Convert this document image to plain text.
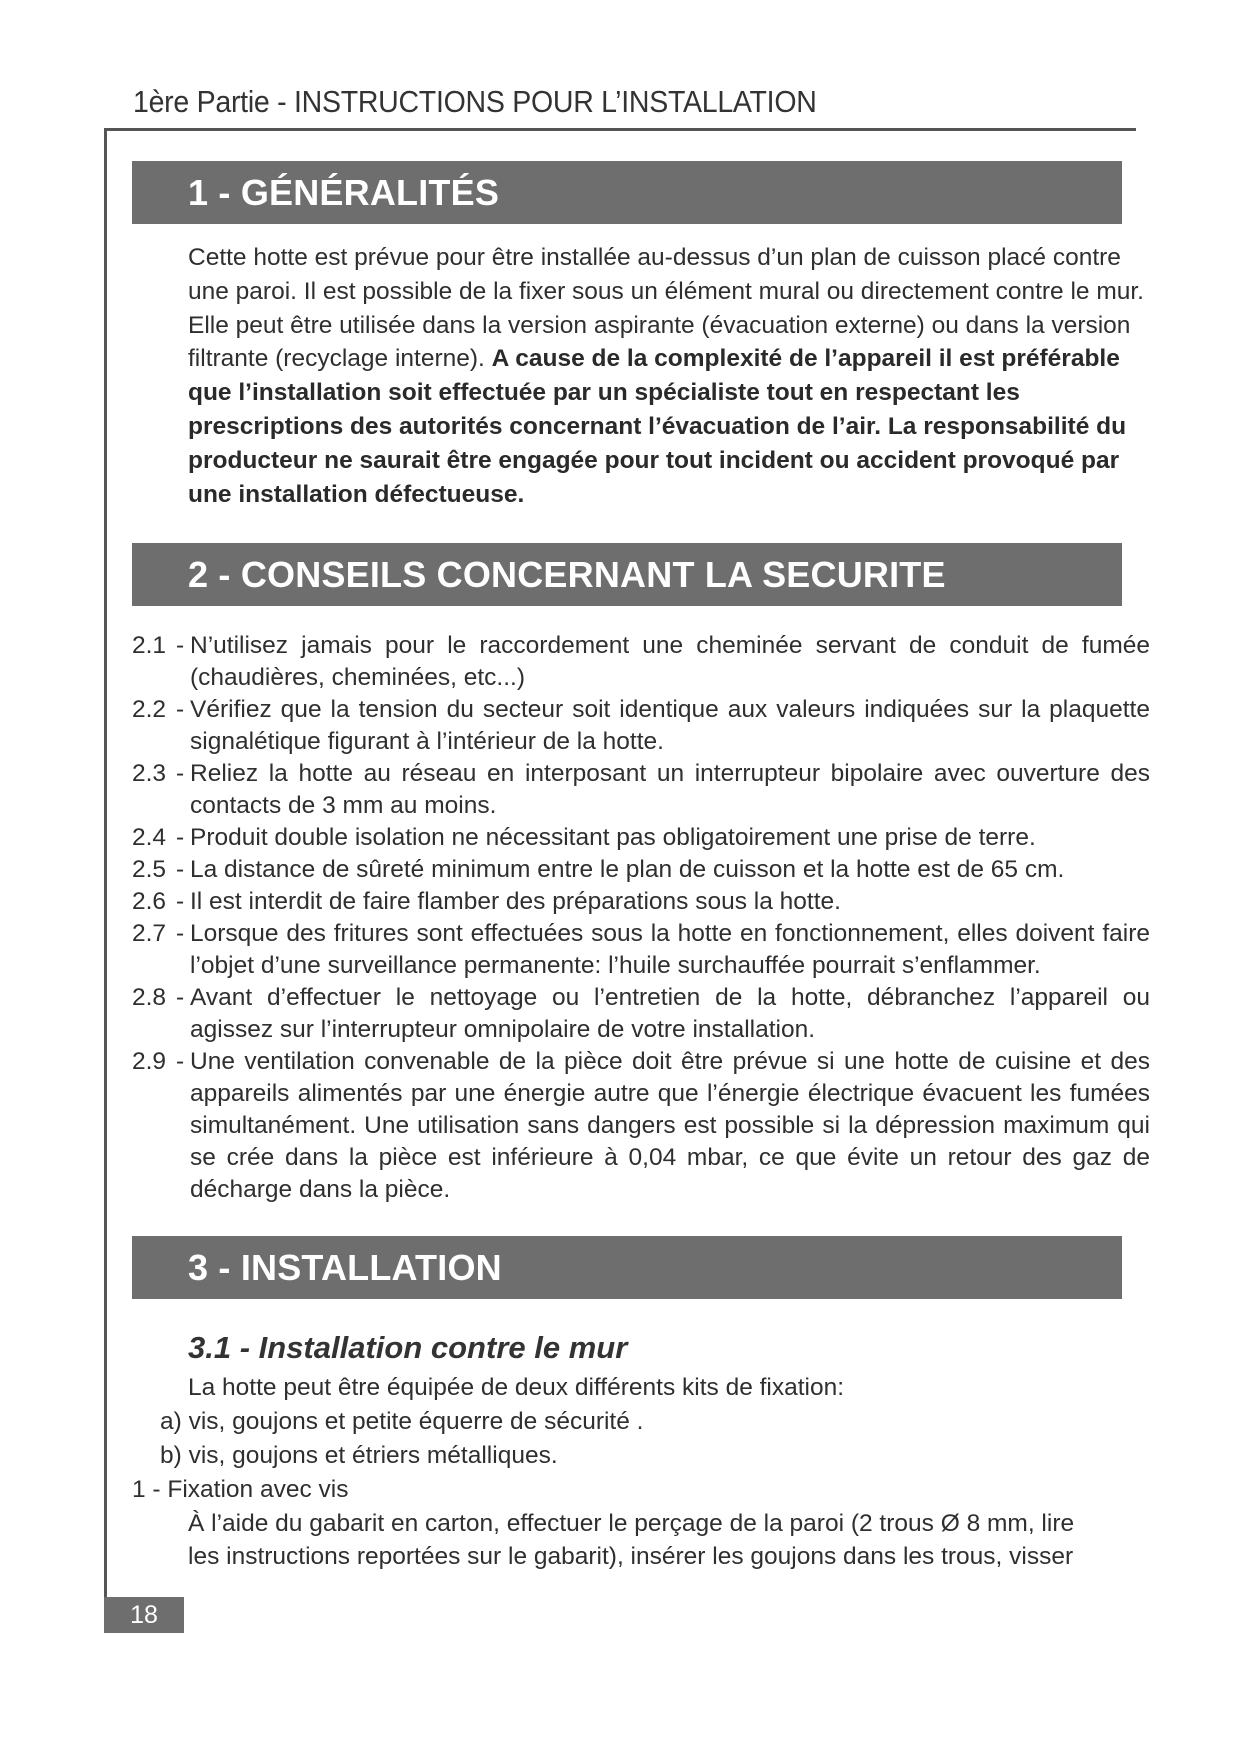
1ère Partie - INSTRUCTIONS POUR L’INSTALLATION
1 - GÉNÉRALITÉS
Cette hotte est prévue pour être installée au-dessus d’un plan de cuisson placé contre une paroi. Il est possible de la fixer sous un élément mural ou directement contre le mur. Elle peut être utilisée dans la version aspirante (évacuation externe) ou dans la version filtrante (recyclage interne). A cause de la complexité de l’appareil il est préférable que l’installation soit effectuée par un spécialiste tout en respectant les prescriptions des autorités concernant l’évacuation de l’air. La responsabilité du producteur ne saurait être engagée pour tout incident ou accident provoqué par une installation défectueuse.
2 - CONSEILS CONCERNANT LA SECURITE
2.1 - N’utilisez jamais pour le raccordement une cheminée servant de conduit de fumée (chaudières, cheminées, etc...)
2.2 - Vérifiez que la tension du secteur soit identique aux valeurs indiquées sur la plaquette signalétique figurant à l’intérieur de la hotte.
2.3 - Reliez la hotte au réseau en interposant un interrupteur bipolaire avec ouverture des contacts de 3 mm au moins.
2.4 - Produit double isolation ne nécessitant pas obligatoirement une prise de terre.
2.5 - La distance de sûreté minimum entre le plan de cuisson et la hotte est de 65 cm.
2.6 - Il est interdit de faire flamber des préparations sous la hotte.
2.7 - Lorsque des fritures sont effectuées sous la hotte en fonctionnement, elles doivent faire l’objet d’une surveillance permanente: l’huile surchauffée pourrait s’enflammer.
2.8 - Avant d’effectuer le nettoyage ou l’entretien de la hotte, débranchez l’appareil ou agissez sur l’interrupteur omnipolaire de votre installation.
2.9 - Une ventilation convenable de la pièce doit être prévue si une hotte de cuisine et des appareils alimentés par une énergie autre que l’énergie électrique évacuent les fumées simultanément. Une utilisation sans dangers est possible si la dépression maximum qui se crée dans la pièce est inférieure à 0,04 mbar, ce que évite un retour des gaz de décharge dans la pièce.
3 - INSTALLATION
3.1 - Installation contre le mur
La hotte peut être équipée de deux différents kits de fixation:
a) vis, goujons et petite équerre de sécurité .
b) vis, goujons et étriers métalliques.
1 - Fixation avec vis
À l’aide du gabarit en carton, effectuer le perçage de la paroi (2 trous Ø 8 mm, lire
les instructions reportées sur le gabarit), insérer les goujons dans les trous, visser
18
